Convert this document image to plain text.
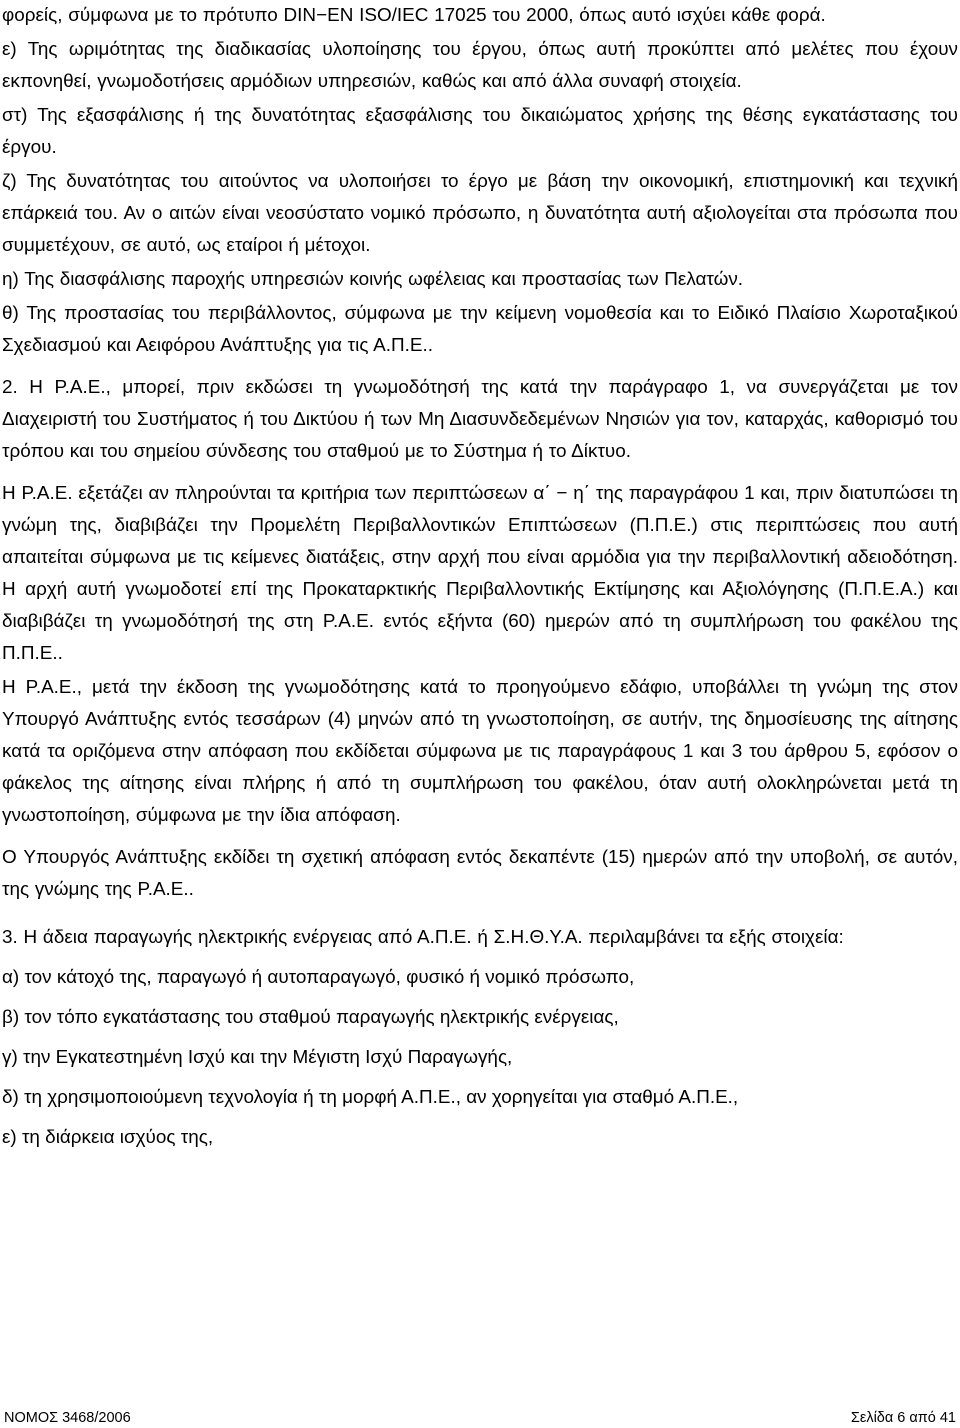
φορείς, σύμφωνα με το πρότυπο DIN−EN ISO/IEC 17025 του 2000, όπως αυτό ισχύει κάθε φορά.

ε) Της ωριμότητας της διαδικασίας υλοποίησης του έργου, όπως αυτή προκύπτει από μελέτες που έχουν εκπονηθεί, γνωμοδοτήσεις αρμόδιων υπηρεσιών, καθώς και από άλλα συναφή στοιχεία.

στ) Της εξασφάλισης ή της δυνατότητας εξασφάλισης του δικαιώματος χρήσης της θέσης εγκατάστασης του έργου.

ζ) Της δυνατότητας του αιτούντος να υλοποιήσει το έργο με βάση την οικονομική, επιστημονική και τεχνική επάρκειά του. Αν ο αιτών είναι νεοσύστατο νομικό πρόσωπο, η δυνατότητα αυτή αξιολογείται στα πρόσωπα που συμμετέχουν, σε αυτό, ως εταίροι ή μέτοχοι.

η) Της διασφάλισης παροχής υπηρεσιών κοινής ωφέλειας και προστασίας των Πελατών.

θ) Της προστασίας του περιβάλλοντος, σύμφωνα με την κείμενη νομοθεσία και το Ειδικό Πλαίσιο Χωροταξικού Σχεδιασμού και Αειφόρου Ανάπτυξης για τις Α.Π.Ε..

2. Η Ρ.Α.Ε., μπορεί, πριν εκδώσει τη γνωμοδότησή της κατά την παράγραφο 1, να συνεργάζεται με τον Διαχειριστή του Συστήματος ή του Δικτύου ή των Μη Διασυνδεδεμένων Νησιών για τον, καταρχάς, καθορισμό του τρόπου και του σημείου σύνδεσης του σταθμού με το Σύστημα ή το Δίκτυο.

Η Ρ.Α.Ε. εξετάζει αν πληρούνται τα κριτήρια των περιπτώσεων α΄ − η΄ της παραγράφου 1 και, πριν διατυπώσει τη γνώμη της, διαβιβάζει την Προμελέτη Περιβαλλοντικών Επιπτώσεων (Π.Π.Ε.) στις περιπτώσεις που αυτή απαιτείται σύμφωνα με τις κείμενες διατάξεις, στην αρχή που είναι αρμόδια για την περιβαλλοντική αδειοδότηση. Η αρχή αυτή γνωμοδοτεί επί της Προκαταρκτικής Περιβαλλοντικής Εκτίμησης και Αξιολόγησης (Π.Π.Ε.Α.) και διαβιβάζει τη γνωμοδότησή της στη Ρ.Α.Ε. εντός εξήντα (60) ημερών από τη συμπλήρωση του φακέλου της Π.Π.Ε..

Η Ρ.Α.Ε., μετά την έκδοση της γνωμοδότησης κατά το προηγούμενο εδάφιο, υποβάλλει τη γνώμη της στον Υπουργό Ανάπτυξης εντός τεσσάρων (4) μηνών από τη γνωστοποίηση, σε αυτήν, της δημοσίευσης της αίτησης κατά τα οριζόμενα στην απόφαση που εκδίδεται σύμφωνα με τις παραγράφους 1 και 3 του άρθρου 5, εφόσον ο φάκελος της αίτησης είναι πλήρης ή από τη συμπλήρωση του φακέλου, όταν αυτή ολοκληρώνεται μετά τη γνωστοποίηση, σύμφωνα με την ίδια απόφαση.

Ο Υπουργός Ανάπτυξης εκδίδει τη σχετική απόφαση εντός δεκαπέντε (15) ημερών από την υποβολή, σε αυτόν, της γνώμης της Ρ.Α.Ε..

3. Η άδεια παραγωγής ηλεκτρικής ενέργειας από Α.Π.Ε. ή Σ.Η.Θ.Υ.Α. περιλαμβάνει τα εξής στοιχεία:

α) τον κάτοχό της, παραγωγό ή αυτοπαραγωγό, φυσικό ή νομικό πρόσωπο,

β) τον τόπο εγκατάστασης του σταθμού παραγωγής ηλεκτρικής ενέργειας,

γ) την Εγκατεστημένη Ισχύ και την Μέγιστη Ισχύ Παραγωγής,

δ) τη χρησιμοποιούμενη τεχνολογία ή τη μορφή Α.Π.Ε., αν χορηγείται για σταθμό Α.Π.Ε.,

ε) τη διάρκεια ισχύος της,

ΝΟΜΟΣ 3468/2006	Σελίδα 6 από 41
